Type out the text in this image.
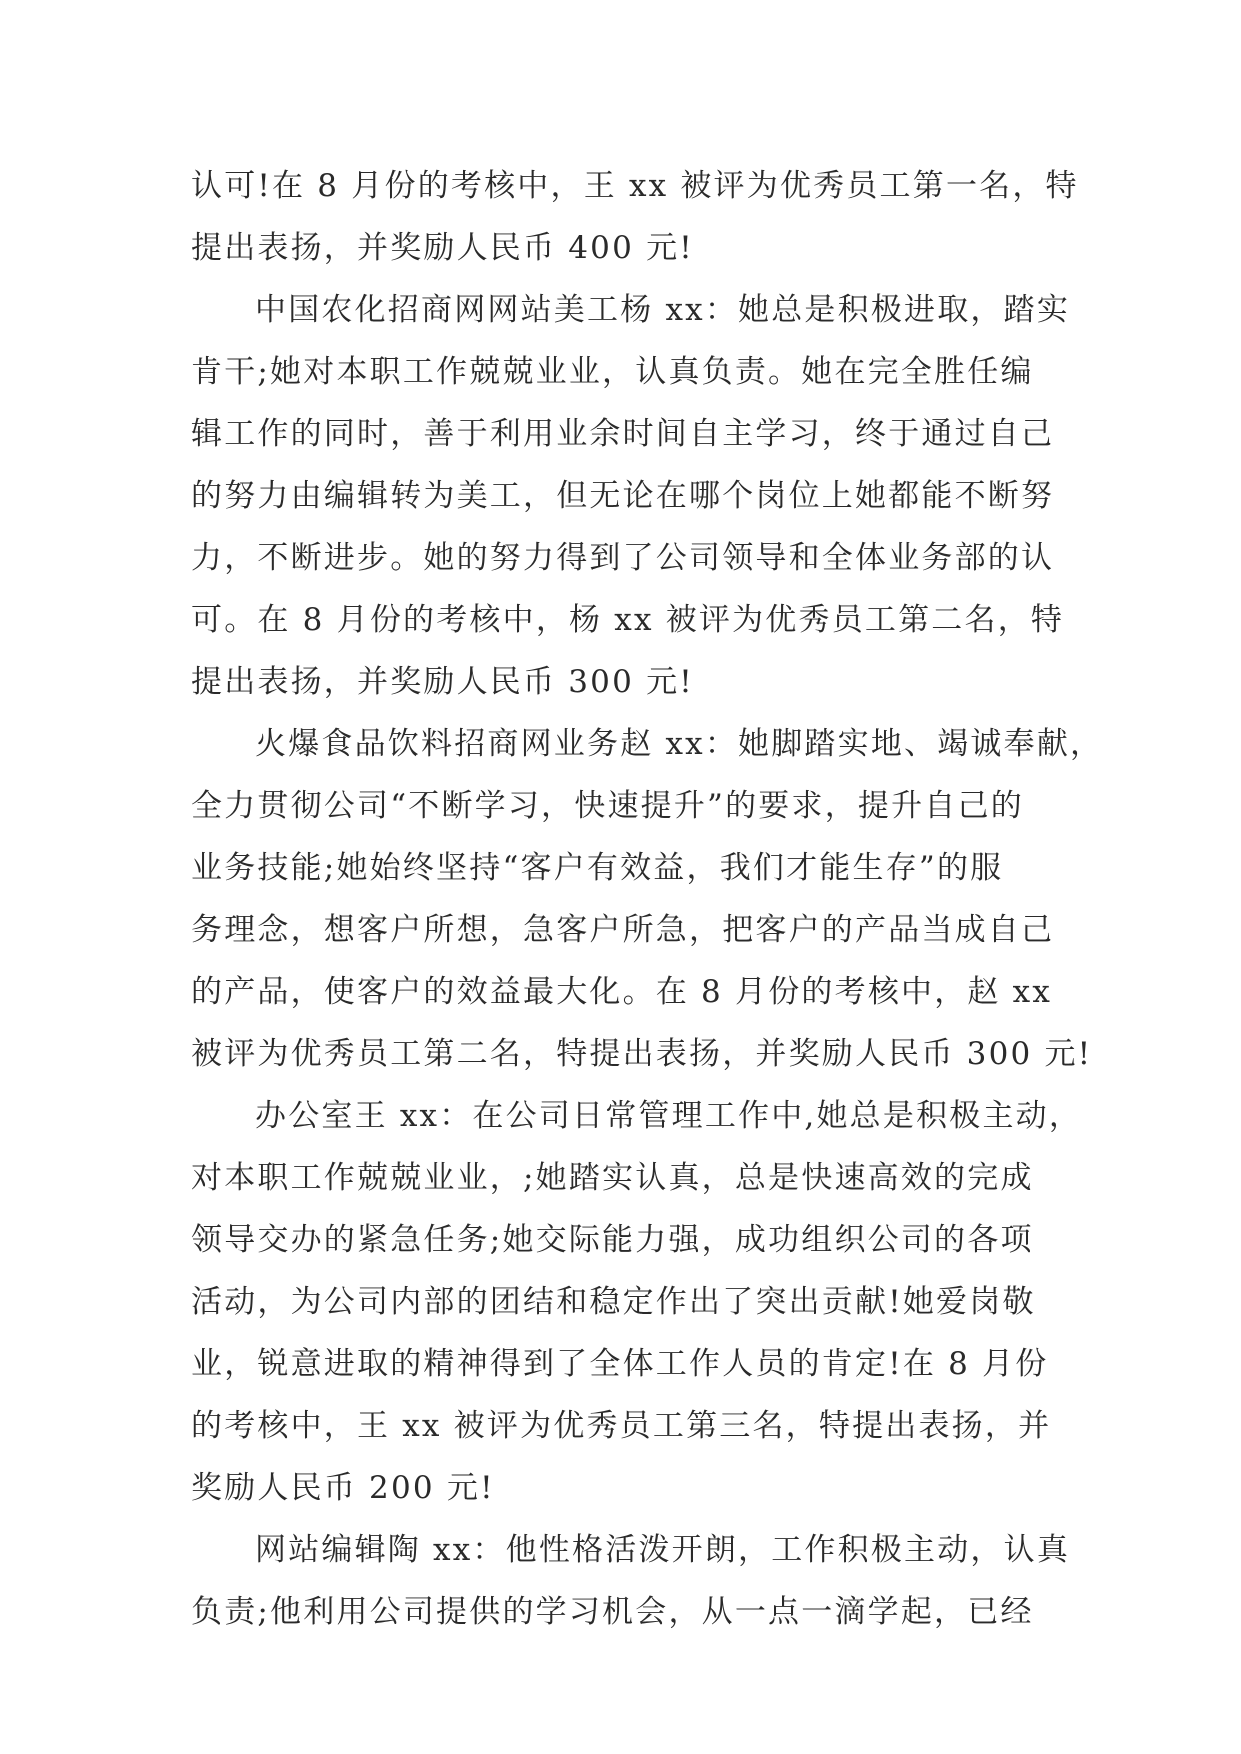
认可!在 8 月份的考核中，王 xx 被评为优秀员工第一名，特
提出表扬，并奖励人民币 400 元!
中国农化招商网网站美工杨 xx：她总是积极进取，踏实
肯干;她对本职工作兢兢业业，认真负责。她在完全胜任编
辑工作的同时，善于利用业余时间自主学习，终于通过自己
的努力由编辑转为美工，但无论在哪个岗位上她都能不断努
力，不断进步。她的努力得到了公司领导和全体业务部的认
可。在 8 月份的考核中，杨 xx 被评为优秀员工第二名，特
提出表扬，并奖励人民币 300 元!
火爆食品饮料招商网业务赵 xx：她脚踏实地、竭诚奉献，
全力贯彻公司“不断学习，快速提升”的要求，提升自己的
业务技能;她始终坚持“客户有效益，我们才能生存”的服
务理念，想客户所想，急客户所急，把客户的产品当成自己
的产品，使客户的效益最大化。在 8 月份的考核中，赵 xx
被评为优秀员工第二名，特提出表扬，并奖励人民币 300 元!
办公室王 xx：在公司日常管理工作中,她总是积极主动，
对本职工作兢兢业业，;她踏实认真，总是快速高效的完成
领导交办的紧急任务;她交际能力强，成功组织公司的各项
活动，为公司内部的团结和稳定作出了突出贡献!她爱岗敬
业，锐意进取的精神得到了全体工作人员的肯定!在 8 月份
的考核中，王 xx 被评为优秀员工第三名，特提出表扬，并
奖励人民币 200 元!
网站编辑陶 xx：他性格活泼开朗，工作积极主动，认真
负责;他利用公司提供的学习机会，从一点一滴学起，已经
